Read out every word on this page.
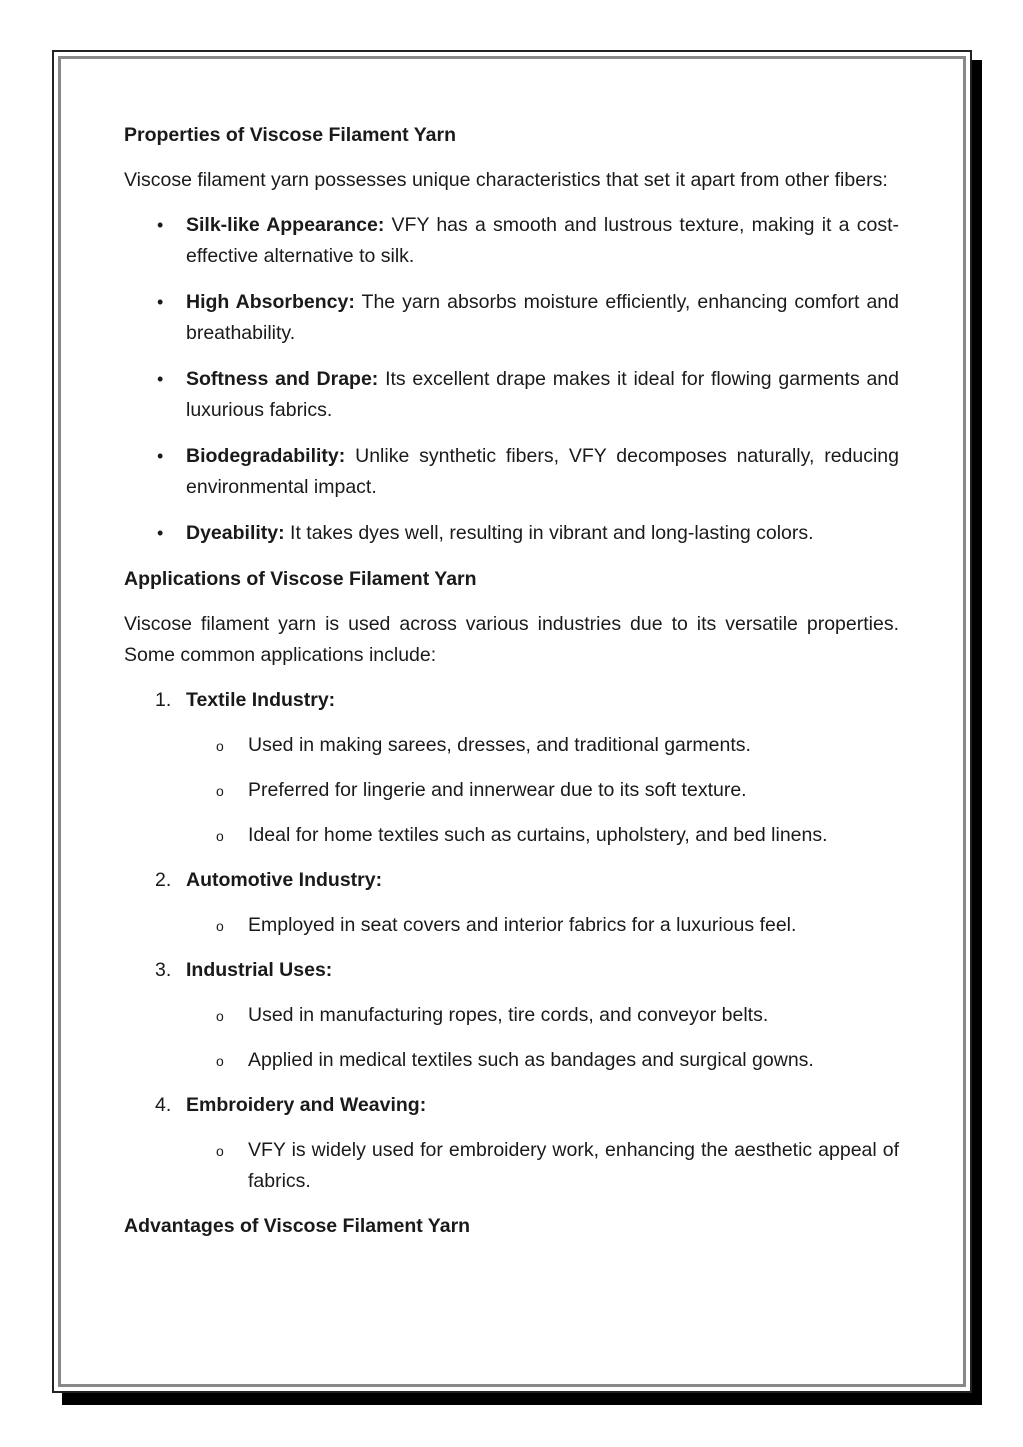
Properties of Viscose Filament Yarn

Viscose filament yarn possesses unique characteristics that set it apart from other fibers:

• Silk-like Appearance: VFY has a smooth and lustrous texture, making it a cost-effective alternative to silk.
• High Absorbency: The yarn absorbs moisture efficiently, enhancing comfort and breathability.
• Softness and Drape: Its excellent drape makes it ideal for flowing garments and luxurious fabrics.
• Biodegradability: Unlike synthetic fibers, VFY decomposes naturally, reducing environmental impact.
• Dyeability: It takes dyes well, resulting in vibrant and long-lasting colors.
Applications of Viscose Filament Yarn

Viscose filament yarn is used across various industries due to its versatile properties. Some common applications include:

1. Textile Industry:
o Used in making sarees, dresses, and traditional garments.
o Preferred for lingerie and innerwear due to its soft texture.
o Ideal for home textiles such as curtains, upholstery, and bed linens.
2. Automotive Industry:
o Employed in seat covers and interior fabrics for a luxurious feel.
3. Industrial Uses:
o Used in manufacturing ropes, tire cords, and conveyor belts.
o Applied in medical textiles such as bandages and surgical gowns.
4. Embroidery and Weaving:
o VFY is widely used for embroidery work, enhancing the aesthetic appeal of fabrics.
Advantages of Viscose Filament Yarn
